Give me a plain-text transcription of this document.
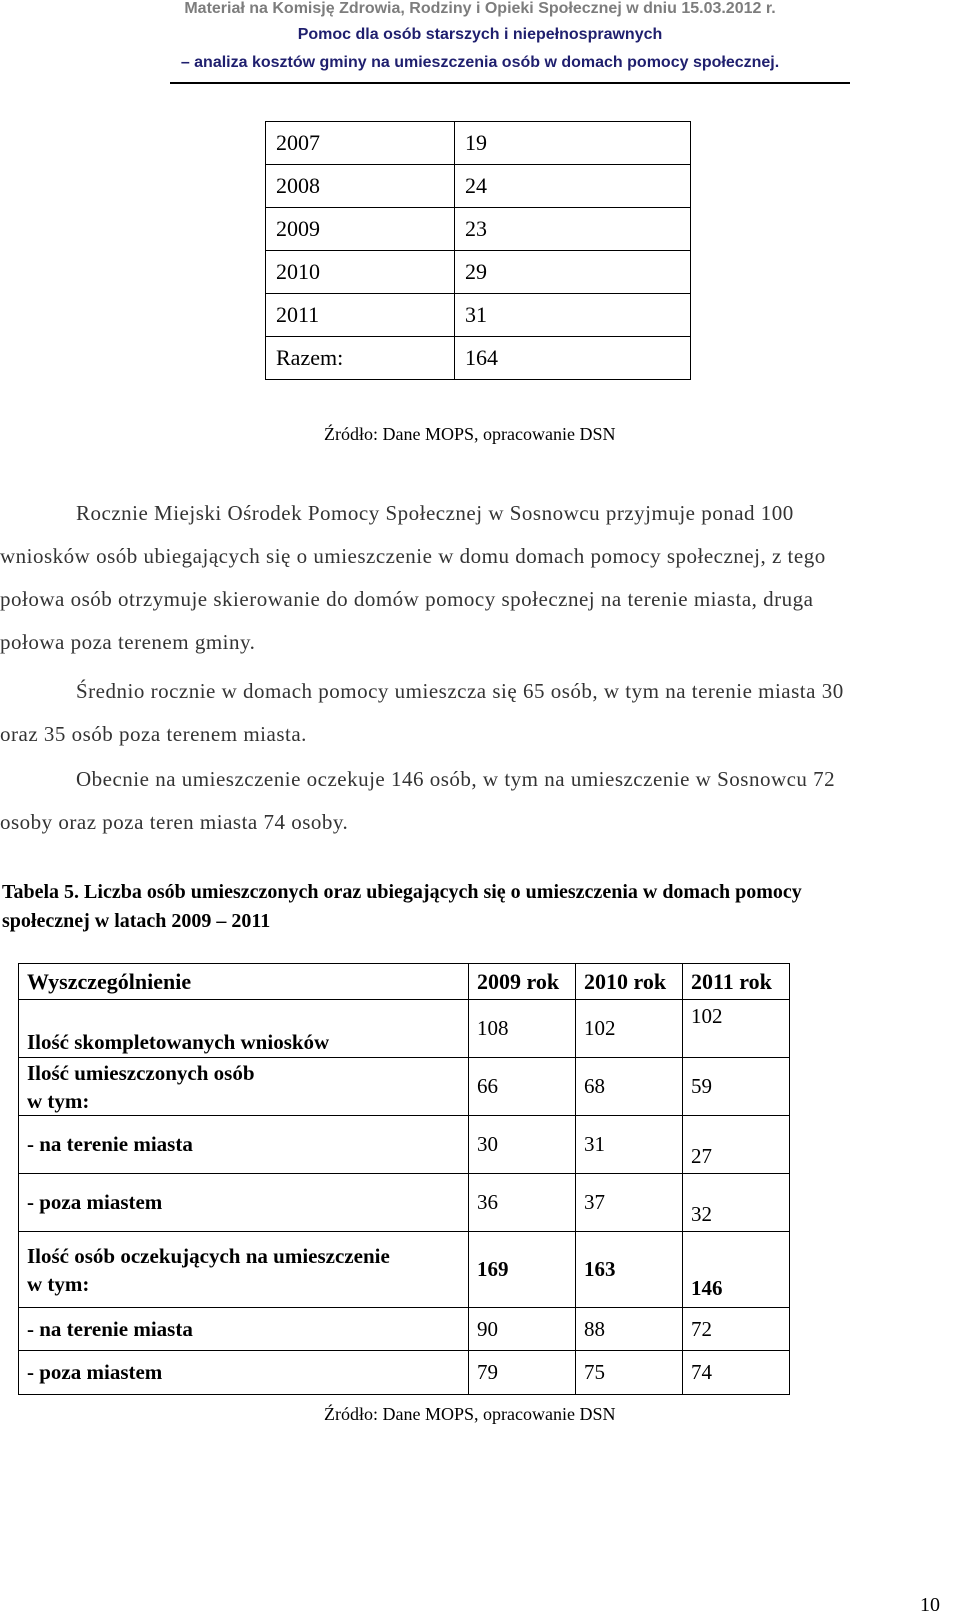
Materiał na Komisję Zdrowia, Rodziny i Opieki Społecznej w dniu 15.03.2012 r.
Pomoc dla osób starszych i niepełnosprawnych
– analiza kosztów gminy na umieszczenia osób w domach pomocy społecznej.
2007	19
2008	24
2009	23
2010	29
2011	31
Razem:	164
Źródło: Dane MOPS, opracowanie DSN
Rocznie Miejski Ośrodek Pomocy Społecznej w Sosnowcu przyjmuje ponad 100
wniosków osób ubiegających się o umieszczenie w domu domach pomocy społecznej, z tego
połowa osób otrzymuje skierowanie do domów pomocy społecznej na terenie miasta, druga
połowa poza terenem gminy.
Średnio rocznie w domach pomocy umieszcza się 65 osób, w tym na terenie miasta 30
oraz 35 osób poza terenem miasta.
Obecnie na umieszczenie oczekuje 146 osób, w tym na umieszczenie w Sosnowcu 72
osoby oraz poza teren miasta 74 osoby.
Tabela 5. Liczba osób umieszczonych oraz ubiegających się o umieszczenia w domach pomocy
społecznej w latach 2009 – 2011
Wyszczególnienie	2009 rok	2010 rok	2011 rok
Ilość skompletowanych wniosków	108	102	102
Ilość umieszczonych osób
w tym:	66	68	59
- na terenie miasta	30	31	27
- poza miastem	36	37	32
Ilość osób oczekujących na umieszczenie
w tym:	169	163	146
- na terenie miasta	90	88	72
- poza miastem	79	75	74
Źródło: Dane MOPS, opracowanie DSN
10
